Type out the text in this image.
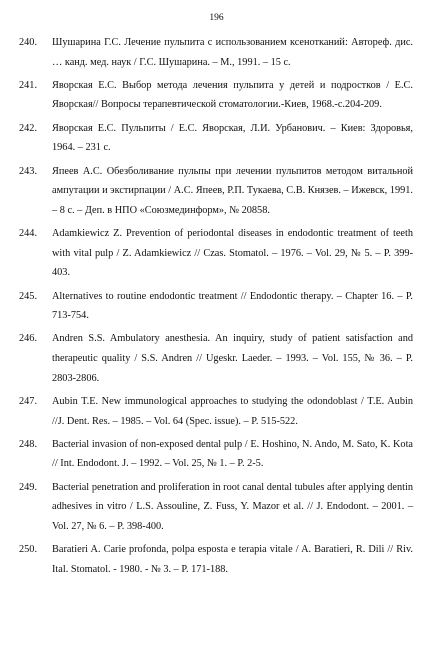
196
240.	Шушарина Г.С. Лечение пульпита с использованием ксенотканий: Автореф. дис. … канд. мед. наук / Г.С. Шушарина. – М., 1991. – 15 с.
241.	Яворская Е.С. Выбор метода лечения пульпита у детей и подростков / Е.С. Яворская// Вопросы терапевтической стоматологии.-Киев, 1968.-с.204-209.
242.	Яворская Е.С. Пульпиты / Е.С. Яворская, Л.И. Урбанович. – Киев: Здоровья, 1964. – 231 с.
243.	Япеев А.С. Обезболивание пульпы при лечении пульпитов методом витальной ампутации и экстирпации / А.С. Япеев, Р.П. Тукаева, С.В. Князев. – Ижевск, 1991. – 8 с. – Деп. в НПО «Союзмединформ», № 20858.
244.	Adamkiewicz Z. Prevention of periodontal diseases in endodontic treatment of teeth with vital pulp / Z. Adamkiewicz // Czas. Stomatol. – 1976. – Vol. 29, № 5. – P. 399-403.
245.	Alternatives to routine endodontic treatment // Endodontic therapy. – Chapter 16. – P. 713-754.
246.	Andren S.S. Ambulatory anesthesia. An inquiry, study of patient satisfaction and therapeutic quality / S.S. Andren // Ugeskr. Laeder. – 1993. – Vol. 155, № 36. – P. 2803-2806.
247.	Aubin T.E. New immunological approaches to studying the odondoblast / T.E. Aubin //J. Dent. Res. – 1985. – Vol. 64 (Spec. issue). – P. 515-522.
248.	Bacterial invasion of non-exposed dental pulp / E. Hoshino, N. Ando, M. Sato, K. Kota // Int. Endodont. J. – 1992. – Vol. 25, № 1. – P. 2-5.
249.	Bacterial penetration and proliferation in root canal dental tubules after applying dentin adhesives in vitro / L.S. Assouline, Z. Fuss, Y. Mazor et al. // J. Endodont. – 2001. – Vol. 27, № 6. – P. 398-400.
250.	Baratieri A. Carie profonda, polpa esposta e terapia vitale / A. Baratieri, R. Dili // Riv. Ital. Stomatol. - 1980. - № 3. – P. 171-188.
